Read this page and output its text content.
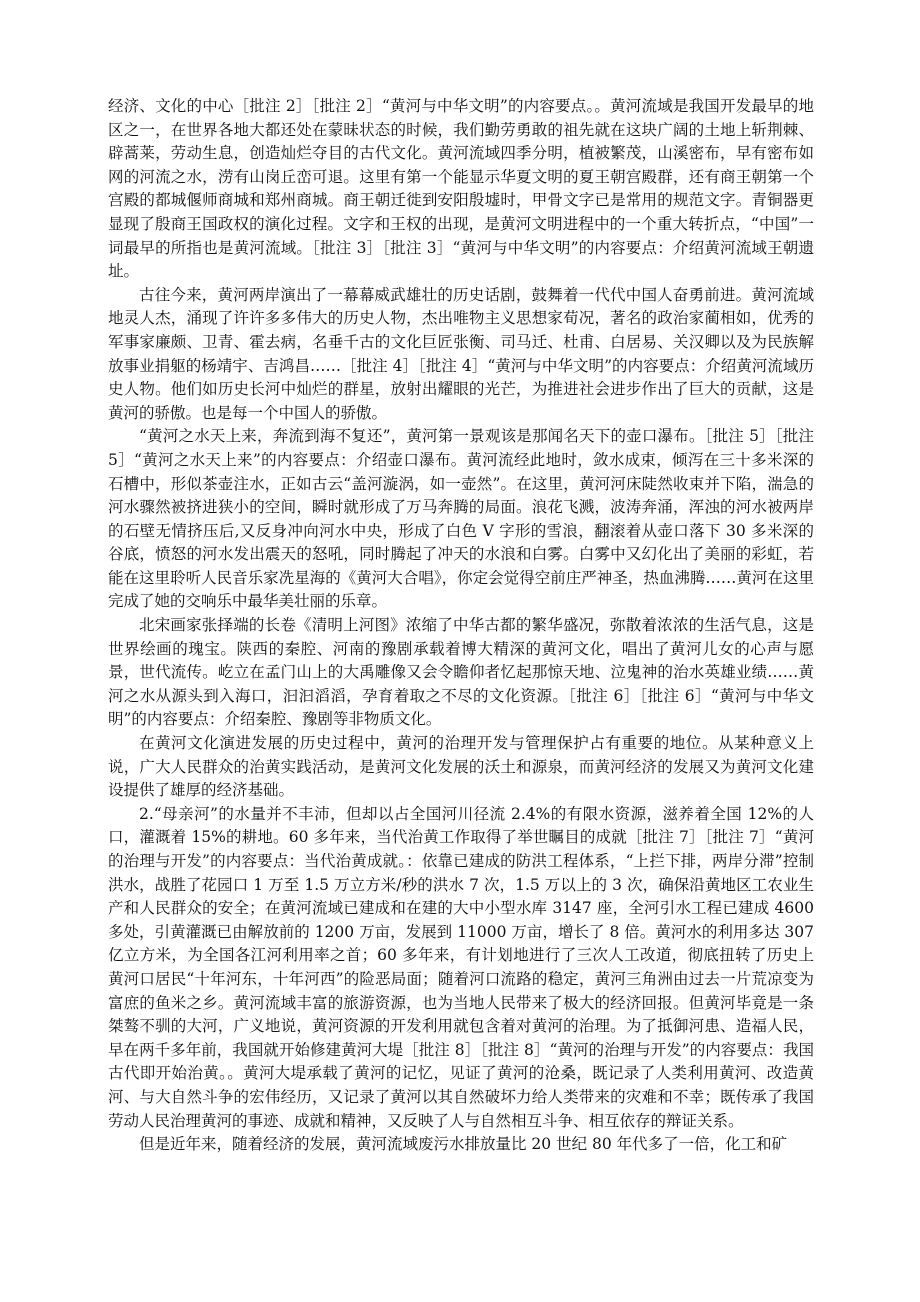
经济、文化的中心［批注 2］［批注 2］“黄河与中华文明”的内容要点。。黄河流域是我国开发最早的地区之一，在世界各地大都还处在蒙昧状态的时候，我们勤劳勇敢的祖先就在这块广阔的土地上斩荆棘、辟蒿莱，劳动生息，创造灿烂夺目的古代文化。黄河流域四季分明，植被繁茂，山溪密布，早有密布如网的河流之水，涝有山岗丘峦可退。这里有第一个能显示华夏文明的夏王朝宫殿群，还有商王朝第一个宫殿的都城偃师商城和郑州商城。商王朝迁徙到安阳殷墟时，甲骨文字已是常用的规范文字。青铜器更显现了殷商王国政权的演化过程。文字和王权的出现，是黄河文明进程中的一个重大转折点，“中国”一词最早的所指也是黄河流域。［批注 3］［批注 3］“黄河与中华文明”的内容要点：介绍黄河流域王朝遗址。

古往今来，黄河两岸演出了一幕幕威武雄壮的历史话剧，鼓舞着一代代中国人奋勇前进。黄河流域地灵人杰，涌现了许许多多伟大的历史人物，杰出唯物主义思想家荀况，著名的政治家蔺相如，优秀的军事家廉颇、卫青、霍去病，名垂千古的文化巨匠张衡、司马迁、杜甫、白居易、关汉卿以及为民族解放事业捐躯的杨靖宇、吉鸿昌……［批注 4］［批注 4］“黄河与中华文明”的内容要点：介绍黄河流域历史人物。他们如历史长河中灿烂的群星，放射出耀眼的光芒，为推进社会进步作出了巨大的贡献，这是黄河的骄傲。也是每一个中国人的骄傲。

“黄河之水天上来，奔流到海不复还”，黄河第一景观该是那闻名天下的壶口瀑布。［批注 5］［批注 5］“黄河之水天上来”的内容要点：介绍壶口瀑布。黄河流经此地时，敛水成束，倾泻在三十多米深的石槽中，形似茶壶注水，正如古云“盖河漩涡，如一壶然”。在这里，黄河河床陡然收束并下陷，湍急的河水骤然被挤进狭小的空间，瞬时就形成了万马奔腾的局面。浪花飞溅，波涛奔涌，浑浊的河水被两岸的石壁无情挤压后,又反身冲向河水中央，形成了白色 V 字形的雪浪，翻滚着从壶口落下 30 多米深的谷底，愤怒的河水发出震天的怒吼，同时腾起了冲天的水浪和白雾。白雾中又幻化出了美丽的彩虹，若能在这里聆听人民音乐家冼星海的《黄河大合唱》，你定会觉得空前庄严神圣，热血沸腾……黄河在这里完成了她的交响乐中最华美壮丽的乐章。

北宋画家张择端的长卷《清明上河图》浓缩了中华古都的繁华盛况，弥散着浓浓的生活气息，这是世界绘画的瑰宝。陕西的秦腔、河南的豫剧承载着博大精深的黄河文化，唱出了黄河儿女的心声与愿景，世代流传。屹立在孟门山上的大禹雕像又会令瞻仰者忆起那惊天地、泣鬼神的治水英雄业绩……黄河之水从源头到入海口，汩汩滔滔，孕育着取之不尽的文化资源。［批注 6］［批注 6］“黄河与中华文明”的内容要点：介绍秦腔、豫剧等非物质文化。

在黄河文化演进发展的历史过程中，黄河的治理开发与管理保护占有重要的地位。从某种意义上说，广大人民群众的治黄实践活动，是黄河文化发展的沃土和源泉，而黄河经济的发展又为黄河文化建设提供了雄厚的经济基础。

2.“母亲河”的水量并不丰沛，但却以占全国河川径流 2.4%的有限水资源，滋养着全国 12%的人口，灌溉着 15%的耕地。60 多年来，当代治黄工作取得了举世瞩目的成就［批注 7］［批注 7］“黄河的治理与开发”的内容要点：当代治黄成就。：依靠已建成的防洪工程体系，“上拦下排，两岸分滞”控制洪水，战胜了花园口 1 万至 1.5 万立方米/秒的洪水 7 次，1.5 万以上的 3 次，确保沿黄地区工农业生产和人民群众的安全；在黄河流域已建成和在建的大中小型水库 3147 座，全河引水工程已建成 4600 多处，引黄灌溉已由解放前的 1200 万亩，发展到 11000 万亩，增长了 8 倍。黄河水的利用多达 307 亿立方米，为全国各江河利用率之首；60 多年来，有计划地进行了三次人工改道，彻底扭转了历史上黄河口居民“十年河东，十年河西”的险恶局面；随着河口流路的稳定，黄河三角洲由过去一片荒凉变为富庶的鱼米之乡。黄河流域丰富的旅游资源，也为当地人民带来了极大的经济回报。但黄河毕竟是一条桀骜不驯的大河，广义地说，黄河资源的开发利用就包含着对黄河的治理。为了抵御河患、造福人民，早在两千多年前，我国就开始修建黄河大堤［批注 8］［批注 8］“黄河的治理与开发”的内容要点：我国古代即开始治黄。。黄河大堤承载了黄河的记忆，见证了黄河的沧桑，既记录了人类利用黄河、改造黄河、与大自然斗争的宏伟经历，又记录了黄河以其自然破坏力给人类带来的灾难和不幸；既传承了我国劳动人民治理黄河的事迹、成就和精神，又反映了人与自然相互斗争、相互依存的辩证关系。

但是近年来，随着经济的发展，黄河流域废污水排放量比 20 世纪 80 年代多了一倍，化工和矿
